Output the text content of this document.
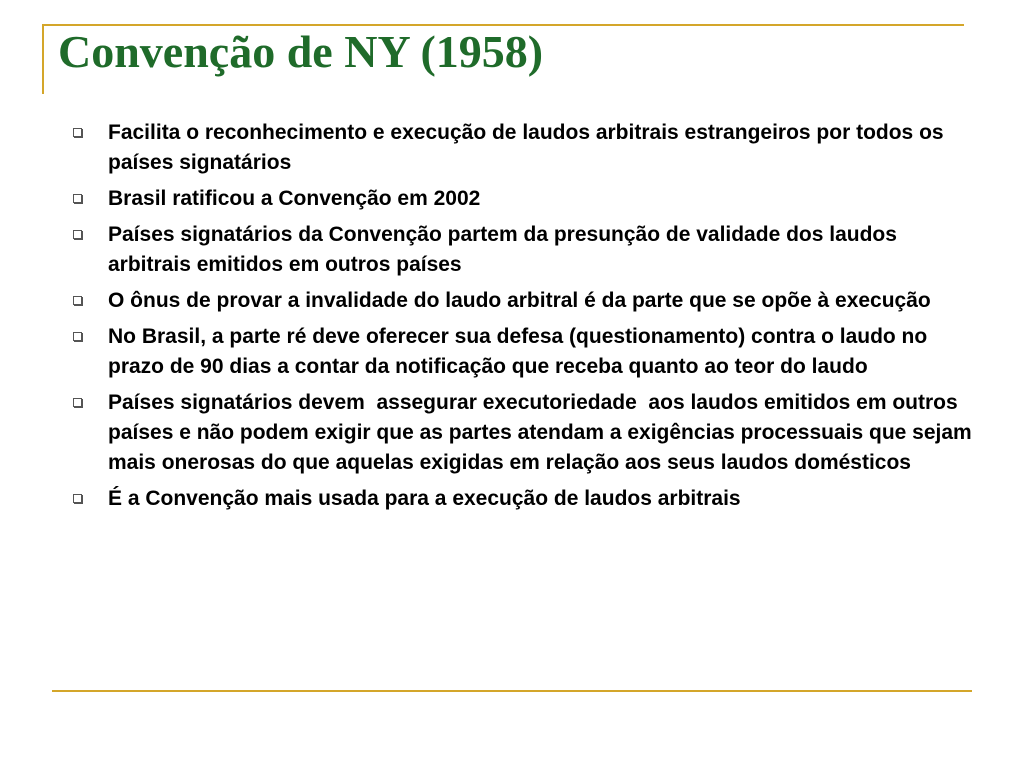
Convenção de NY (1958)
Facilita o reconhecimento e execução de laudos arbitrais estrangeiros por todos os países signatários
Brasil ratificou a Convenção em 2002
Países signatários da Convenção partem da presunção de validade dos laudos arbitrais emitidos em outros países
O ônus de provar a invalidade do laudo arbitral é da parte que se opõe à execução
No Brasil, a parte ré deve oferecer sua defesa (questionamento) contra o laudo no prazo de 90 dias a contar da notificação que receba quanto ao teor do laudo
Países signatários devem  assegurar executoriedade  aos laudos emitidos em outros países e não podem exigir que as partes atendam a exigências processuais que sejam mais onerosas do que aquelas exigidas em relação aos seus laudos domésticos
É a Convenção mais usada para a execução de laudos arbitrais
